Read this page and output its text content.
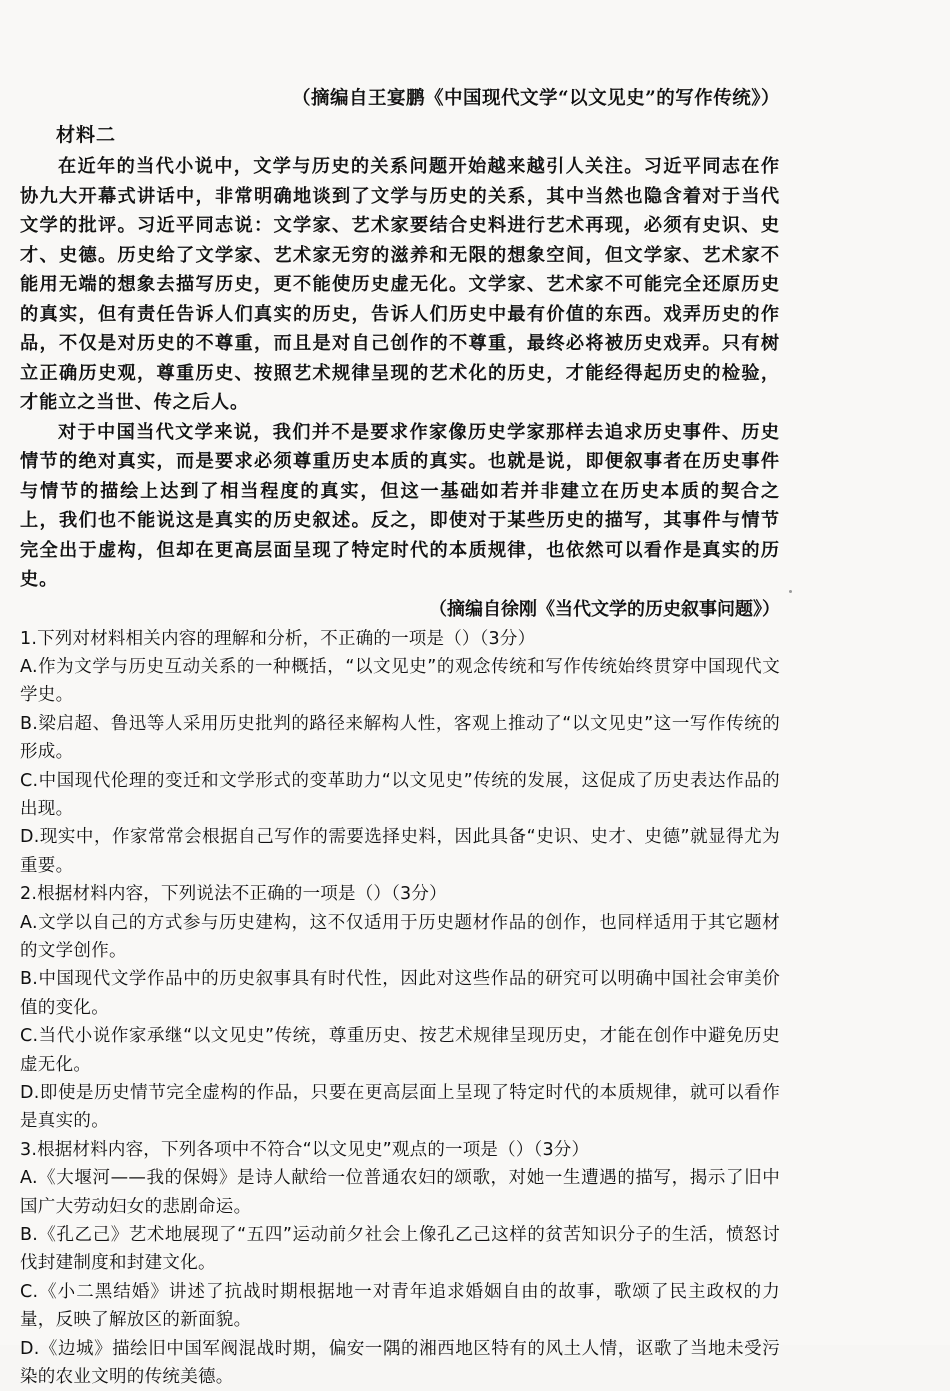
（摘编自王宴鹏《中国现代文学“以文见史”的写作传统》）

材料二

在近年的当代小说中，文学与历史的关系问题开始越来越引人关注。习近平同志在作协九大开幕式讲话中，非常明确地谈到了文学与历史的关系，其中当然也隐含着对于当代文学的批评。习近平同志说：文学家、艺术家要结合史料进行艺术再现，必须有史识、史才、史德。历史给了文学家、艺术家无穷的滋养和无限的想象空间，但文学家、艺术家不能用无端的想象去描写历史，更不能使历史虚无化。文学家、艺术家不可能完全还原历史的真实，但有责任告诉人们真实的历史，告诉人们历史中最有价值的东西。戏弄历史的作品，不仅是对历史的不尊重，而且是对自己创作的不尊重，最终必将被历史戏弄。只有树立正确历史观，尊重历史、按照艺术规律呈现的艺术化的历史，才能经得起历史的检验，才能立之当世、传之后人。

对于中国当代文学来说，我们并不是要求作家像历史学家那样去追求历史事件、历史情节的绝对真实，而是要求必须尊重历史本质的真实。也就是说，即便叙事者在历史事件与情节的描绘上达到了相当程度的真实，但这一基础如若并非建立在历史本质的契合之上，我们也不能说这是真实的历史叙述。反之，即使对于某些历史的描写，其事件与情节完全出于虚构，但却在更高层面呈现了特定时代的本质规律，也依然可以看作是真实的历史。

（摘编自徐刚《当代文学的历史叙事问题》）

1.下列对材料相关内容的理解和分析，不正确的一项是（）（3分）

A.作为文学与历史互动关系的一种概括，“以文见史”的观念传统和写作传统始终贯穿中国现代文学史。

B.梁启超、鲁迅等人采用历史批判的路径来解构人性，客观上推动了“以文见史”这一写作传统的形成。

C.中国现代伦理的变迁和文学形式的变革助力“以文见史”传统的发展，这促成了历史表达作品的出现。

D.现实中，作家常常会根据自己写作的需要选择史料，因此具备“史识、史才、史德”就显得尤为重要。

2.根据材料内容，下列说法不正确的一项是（）（3分）

A.文学以自己的方式参与历史建构，这不仅适用于历史题材作品的创作，也同样适用于其它题材的文学创作。

B.中国现代文学作品中的历史叙事具有时代性，因此对这些作品的研究可以明确中国社会审美价值的变化。

C.当代小说作家承继“以文见史”传统，尊重历史、按艺术规律呈现历史，才能在创作中避免历史虚无化。

D.即使是历史情节完全虚构的作品，只要在更高层面上呈现了特定时代的本质规律，就可以看作是真实的。

3.根据材料内容，下列各项中不符合“以文见史”观点的一项是（）（3分）

A.《大堰河——我的保姆》是诗人献给一位普通农妇的颂歌，对她一生遭遇的描写，揭示了旧中国广大劳动妇女的悲剧命运。

B.《孔乙己》艺术地展现了“五四”运动前夕社会上像孔乙己这样的贫苦知识分子的生活，愤怒讨伐封建制度和封建文化。

C.《小二黑结婚》讲述了抗战时期根据地一对青年追求婚姻自由的故事，歌颂了民主政权的力量，反映了解放区的新面貌。

D.《边城》描绘旧中国军阀混战时期，偏安一隅的湘西地区特有的风土人情，讴歌了当地未受污染的农业文明的传统美德。
